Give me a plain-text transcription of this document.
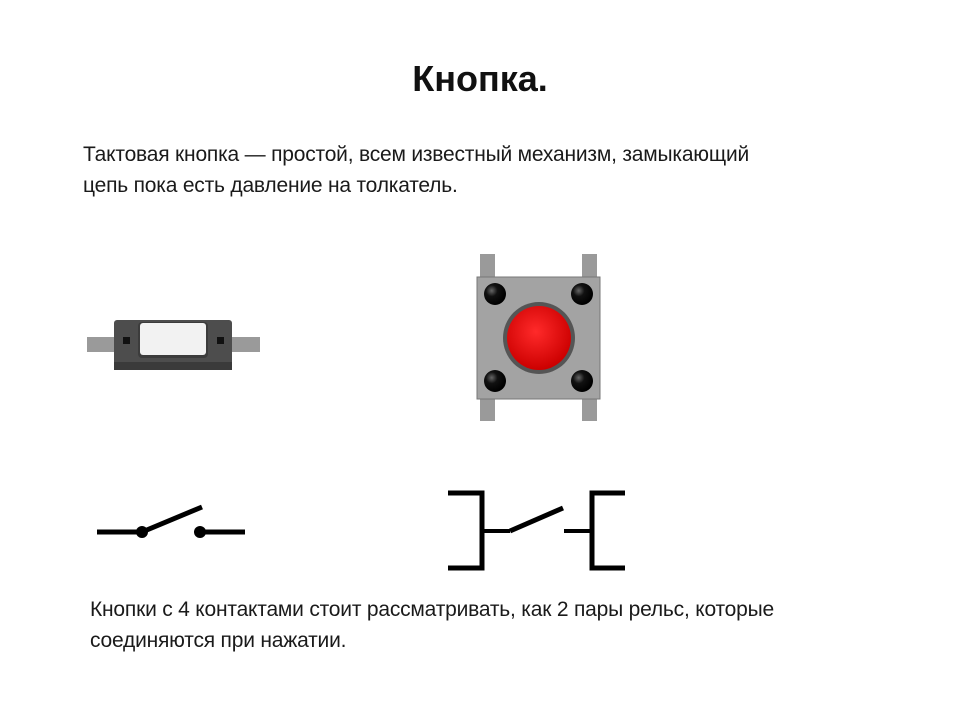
Кнопка.
Тактовая кнопка — простой, всем известный механизм, замыкающий
цепь пока есть давление на толкатель.
Кнопки с 4 контактами стоит рассматривать, как 2 пары рельс, которые
соединяются при нажатии.
